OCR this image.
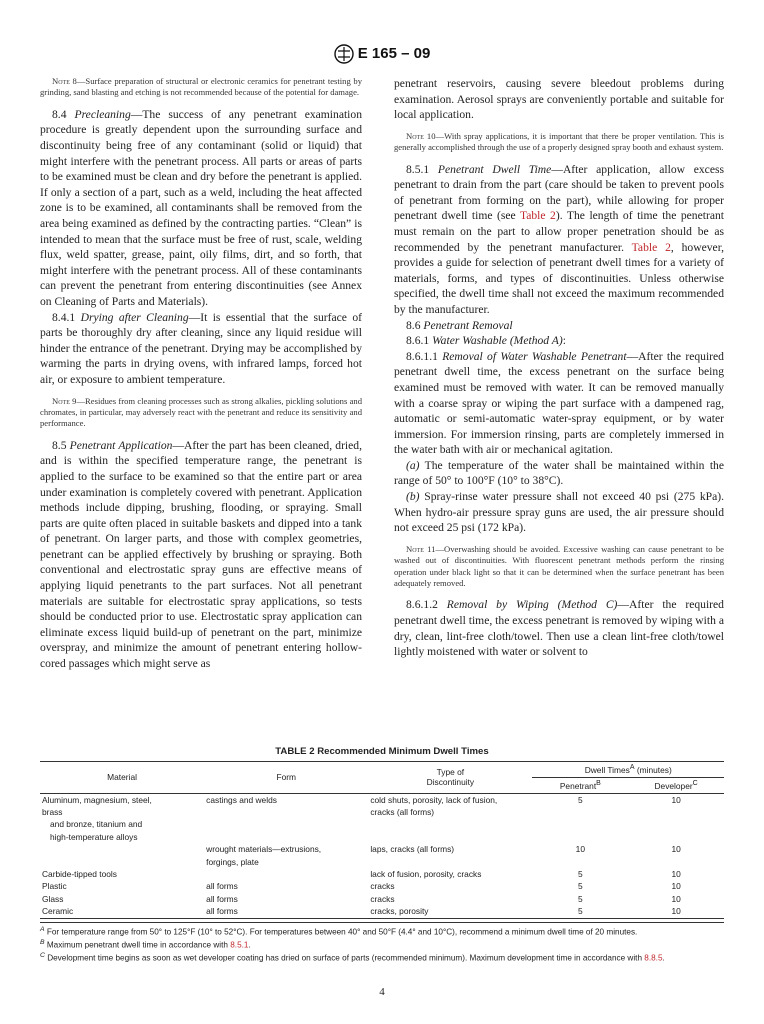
E 165 – 09

Note 8—Surface preparation of structural or electronic ceramics for penetrant testing by grinding, sand blasting and etching is not recommended because of the potential for damage.

8.4 Precleaning—The success of any penetrant examination procedure is greatly dependent upon the surrounding surface and discontinuity being free of any contaminant (solid or liquid) that might interfere with the penetrant process. All parts or areas of parts to be examined must be clean and dry before the penetrant is applied. If only a section of a part, such as a weld, including the heat affected zone is to be examined, all contaminants shall be removed from the area being examined as defined by the contracting parties. “Clean” is intended to mean that the surface must be free of rust, scale, welding flux, weld spatter, grease, paint, oily films, dirt, and so forth, that might interfere with the penetrant process. All of these contaminants can prevent the penetrant from entering discontinuities (see Annex on Cleaning of Parts and Materials).

8.4.1 Drying after Cleaning—It is essential that the surface of parts be thoroughly dry after cleaning, since any liquid residue will hinder the entrance of the penetrant. Drying may be accomplished by warming the parts in drying ovens, with infrared lamps, forced hot air, or exposure to ambient temperature.

Note 9—Residues from cleaning processes such as strong alkalies, pickling solutions and chromates, in particular, may adversely react with the penetrant and reduce its sensitivity and performance.

8.5 Penetrant Application—After the part has been cleaned, dried, and is within the specified temperature range, the penetrant is applied to the surface to be examined so that the entire part or area under examination is completely covered with penetrant. Application methods include dipping, brushing, flooding, or spraying. Small parts are quite often placed in suitable baskets and dipped into a tank of penetrant. On larger parts, and those with complex geometries, penetrant can be applied effectively by brushing or spraying. Both conventional and electrostatic spray guns are effective means of applying liquid penetrants to the part surfaces. Not all penetrant materials are suitable for electrostatic spray applications, so tests should be conducted prior to use. Electrostatic spray application can eliminate excess liquid build-up of penetrant on the part, minimize overspray, and minimize the amount of penetrant entering hollow-cored passages which might serve as

penetrant reservoirs, causing severe bleedout problems during examination. Aerosol sprays are conveniently portable and suitable for local application.

Note 10—With spray applications, it is important that there be proper ventilation. This is generally accomplished through the use of a properly designed spray booth and exhaust system.

8.5.1 Penetrant Dwell Time—After application, allow excess penetrant to drain from the part (care should be taken to prevent pools of penetrant from forming on the part), while allowing for proper penetrant dwell time (see Table 2). The length of time the penetrant must remain on the part to allow proper penetration should be as recommended by the penetrant manufacturer. Table 2, however, provides a guide for selection of penetrant dwell times for a variety of materials, forms, and types of discontinuities. Unless otherwise specified, the dwell time shall not exceed the maximum recommended by the manufacturer.

8.6 Penetrant Removal

8.6.1 Water Washable (Method A):

8.6.1.1 Removal of Water Washable Penetrant—After the required penetrant dwell time, the excess penetrant on the surface being examined must be removed with water. It can be removed manually with a coarse spray or wiping the part surface with a dampened rag, automatic or semi-automatic water-spray equipment, or by water immersion. For immersion rinsing, parts are completely immersed in the water bath with air or mechanical agitation.

(a) The temperature of the water shall be maintained within the range of 50° to 100°F (10° to 38°C).

(b) Spray-rinse water pressure shall not exceed 40 psi (275 kPa). When hydro-air pressure spray guns are used, the air pressure should not exceed 25 psi (172 kPa).

Note 11—Overwashing should be avoided. Excessive washing can cause penetrant to be washed out of discontinuities. With fluorescent penetrant methods perform the rinsing operation under black light so that it can be determined when the surface penetrant has been adequately removed.

8.6.1.2 Removal by Wiping (Method C)—After the required penetrant dwell time, the excess penetrant is removed by wiping with a dry, clean, lint-free cloth/towel. Then use a clean lint-free cloth/towel lightly moistened with water or solvent to

TABLE 2 Recommended Minimum Dwell Times
Material	Form	Type of
Discontinuity	Dwell Times$^A$ (minutes)	
			Penetrant$^B$	Developer$^C$
Aluminum, magnesium, steel,	castings and welds	cold shuts, porosity, lack of fusion,	5	10
brass		cracks (all forms)		
and bronze, titanium and				
high-temperature alloys				
	wrought materials—extrusions,	laps, cracks (all forms)	10	10
	forgings, plate			
Carbide-tipped tools		lack of fusion, porosity, cracks	5	10
Plastic	all forms	cracks	5	10
Glass	all forms	cracks	5	10
Ceramic	all forms	cracks, porosity	5	10
$^A$ For temperature range from 50° to 125°F (10° to 52°C). For temperatures between 40° and 50°F (4.4° and 10°C), recommend a minimum dwell time of 20 minutes.
$^B$ Maximum penetrant dwell time in accordance with 8.5.1.
$^C$ Development time begins as soon as wet developer coating has dried on surface of parts (recommended minimum). Maximum development time in accordance with 8.8.5.
4
